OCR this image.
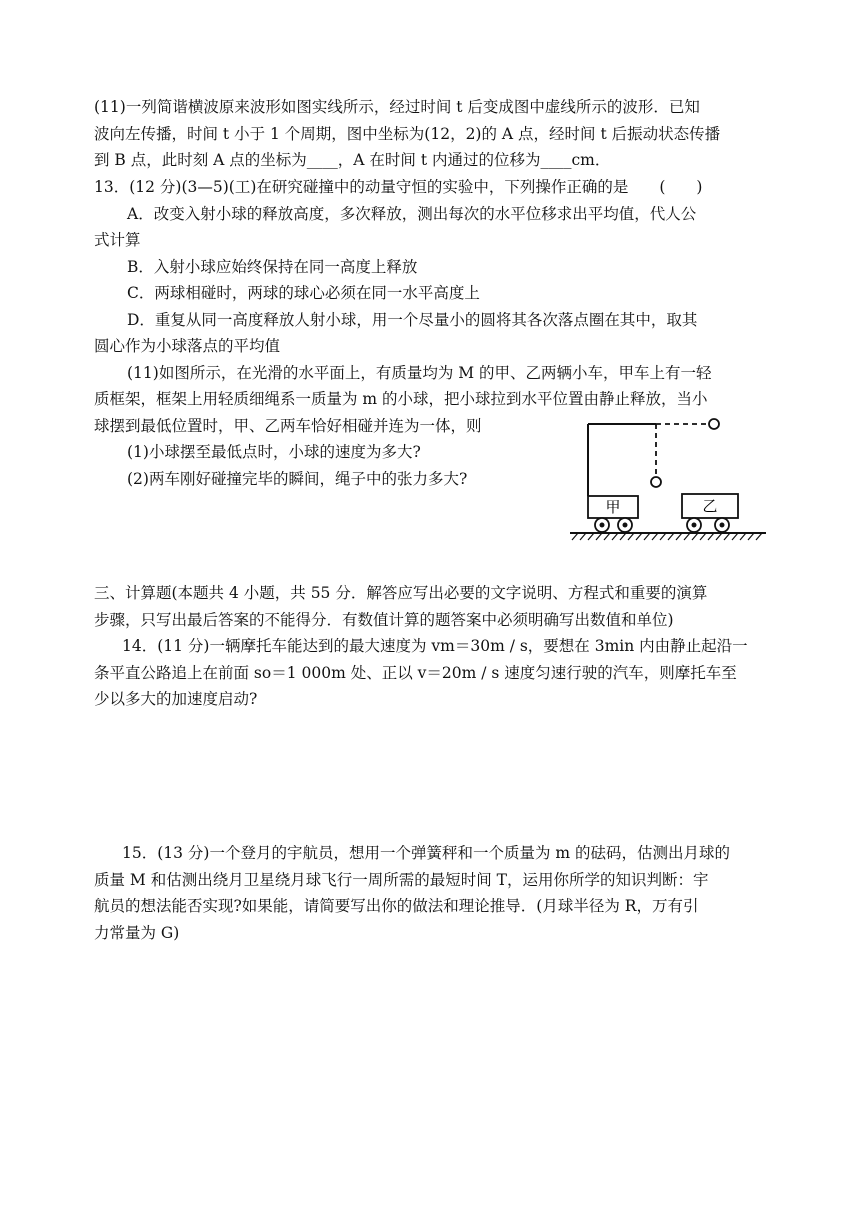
(11)一列简谐横波原来波形如图实线所示，经过时间 t 后变成图中虚线所示的波形．已知

波向左传播，时间 t 小于 1 个周期，图中坐标为(12，2)的 A 点，经时间 t 后振动状态传播

到 B 点，此时刻 A 点的坐标为____，A 在时间 t 内通过的位移为____cm．

13．(12 分)(3—5)(工)在研究碰撞中的动量守恒的实验中，下列操作正确的是　　(　　)

A．改变入射小球的释放高度，多次释放，测出每次的水平位移求出平均值，代人公

式计算

B．入射小球应始终保持在同一高度上释放

C．两球相碰时，两球的球心必须在同一水平高度上

D．重复从同一高度释放人射小球，用一个尽量小的圆将其各次落点圈在其中，取其

圆心作为小球落点的平均值

(11)如图所示，在光滑的水平面上，有质量均为 M 的甲、乙两辆小车，甲车上有一轻

质框架，框架上用轻质细绳系一质量为 m 的小球，把小球拉到水平位置由静止释放，当小

球摆到最低位置时，甲、乙两车恰好相碰并连为一体，则

(1)小球摆至最低点时，小球的速度为多大?

(2)两车刚好碰撞完毕的瞬间，绳子中的张力多大?

甲	乙

三、计算题(本题共 4 小题，共 55 分．解答应写出必要的文字说明、方程式和重要的演算

步骤，只写出最后答案的不能得分．有数值计算的题答案中必须明确写出数值和单位)

14．(11 分)一辆摩托车能达到的最大速度为 vm＝30m / s，要想在 3min 内由静止起沿一

条平直公路追上在前面 so＝1 000m 处、正以 v＝20m / s 速度匀速行驶的汽车，则摩托车至

少以多大的加速度启动?

15．(13 分)一个登月的宇航员，想用一个弹簧秤和一个质量为 m 的砝码，估测出月球的

质量 M 和估测出绕月卫星绕月球飞行一周所需的最短时间 T，运用你所学的知识判断：宇

航员的想法能否实现?如果能，请简要写出你的做法和理论推导．(月球半径为 R，万有引

力常量为 G)
